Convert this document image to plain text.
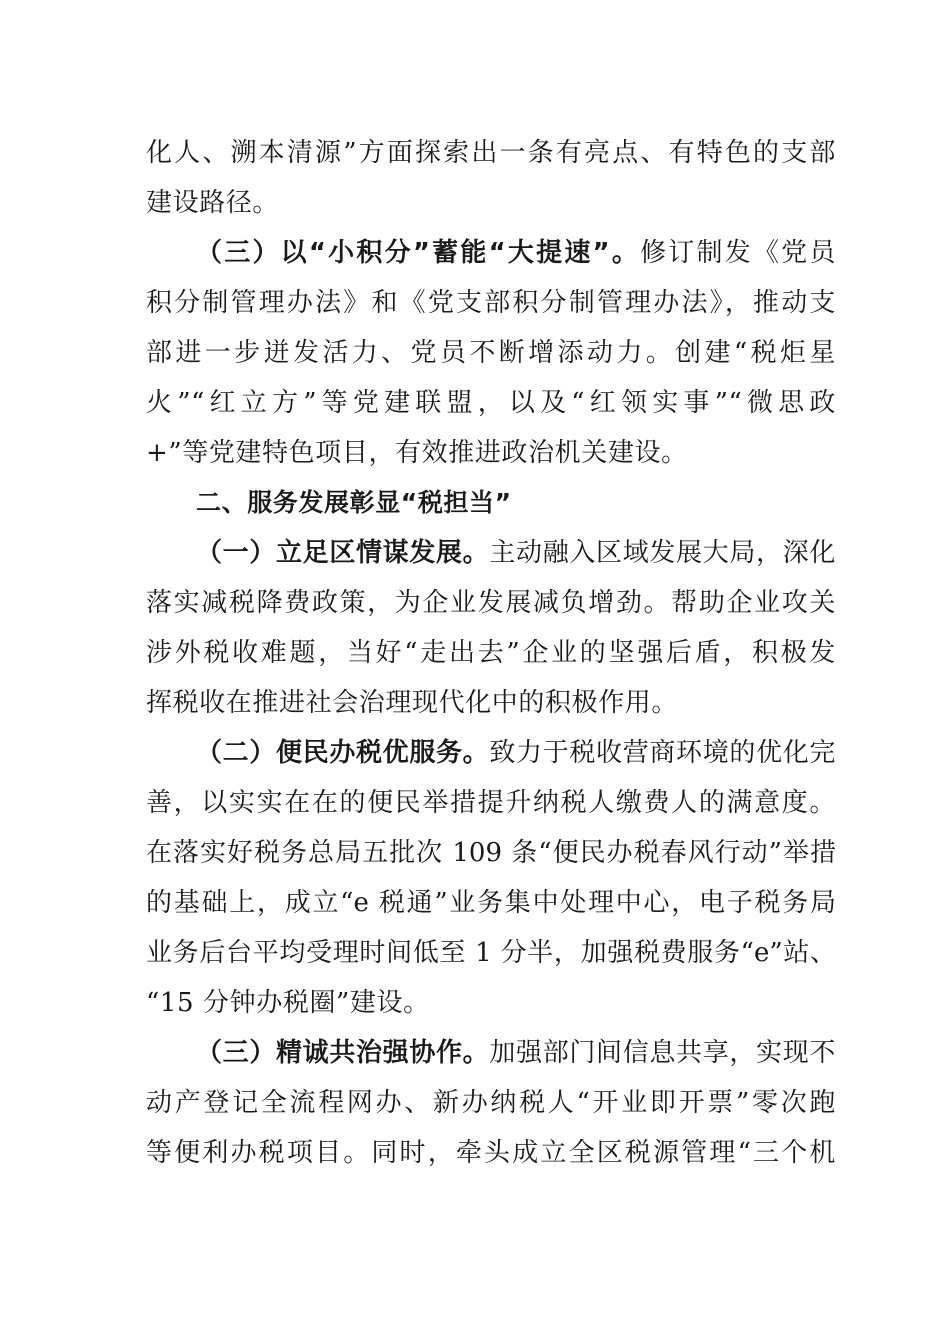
化人、溯本清源”方面探索出一条有亮点、有特色的支部
建设路径。
（三）以“小积分”蓄能“大提速”。修订制发《党员
积分制管理办法》和《党支部积分制管理办法》，推动支
部进一步迸发活力、党员不断增添动力。创建“税炬星
火”“红立方”等党建联盟，以及“红领实事”“微思政
+”等党建特色项目，有效推进政治机关建设。
二、服务发展彰显“税担当”
（一）立足区情谋发展。主动融入区域发展大局，深化
落实减税降费政策，为企业发展减负增劲。帮助企业攻关
涉外税收难题，当好“走出去”企业的坚强后盾，积极发
挥税收在推进社会治理现代化中的积极作用。
（二）便民办税优服务。致力于税收营商环境的优化完
善，以实实在在的便民举措提升纳税人缴费人的满意度。
在落实好税务总局五批次 109 条“便民办税春风行动”举措
的基础上，成立“e 税通”业务集中处理中心，电子税务局
业务后台平均受理时间低至 1 分半，加强税费服务“e”站、
“15 分钟办税圈”建设。
（三）精诚共治强协作。加强部门间信息共享，实现不
动产登记全流程网办、新办纳税人“开业即开票”零次跑
等便利办税项目。同时，牵头成立全区税源管理“三个机
